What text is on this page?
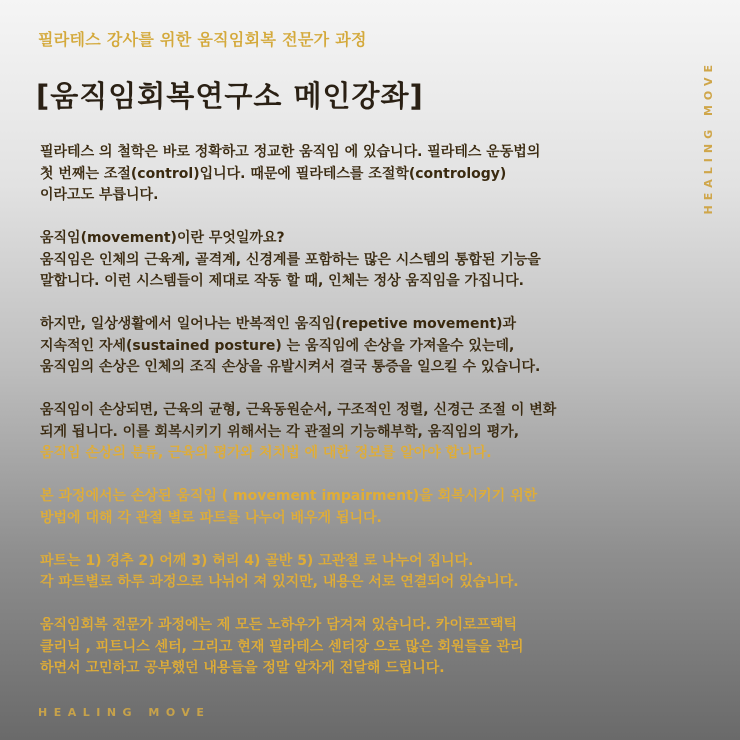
필라테스 강사를 위한 움직임회복 전문가 과정
[움직임회복연구소 메인강좌]	HEALING MOVE
필라테스 의 철학은 바로 정확하고 정교한 움직임 에 있습니다. 필라테스 운동법의
첫 번째는 조절(control)입니다. 때문에 필라테스를 조절학(contrology)
이라고도 부릅니다.
움직임(movement)이란 무엇일까요?
움직임은 인체의 근육계, 골격계, 신경계를 포함하는 많은 시스템의 통합된 기능을
말합니다. 이런 시스템들이 제대로 작동 할 때, 인체는 정상 움직임을 가집니다.
하지만, 일상생활에서 일어나는 반복적인 움직임(repetive movement)과
지속적인 자세(sustained posture) 는 움직임에 손상을 가져올수 있는데,
움직임의 손상은 인체의 조직 손상을 유발시켜서 결국 통증을 일으킬 수 있습니다.
움직임이 손상되면, 근육의 균형, 근육동원순서, 구조적인 정렬, 신경근 조절 이 변화
되게 됩니다. 이를 회복시키기 위해서는 각 관절의 기능해부학, 움직임의 평가,
움직임 손상의 분류, 근육의 평가와 처치법 에 대한 정보를 알아야 합니다.
본 과정에서는 손상된 움직임 ( movement impairment)을 회복시키기 위한
방법에 대해 각 관절 별로 파트를 나누어 배우게 됩니다.
파트는 1) 경추 2) 어깨 3) 허리 4) 골반 5) 고관절 로 나누어 집니다.
각 파트별로 하루 과정으로 나뉘어 져 있지만, 내용은 서로 연결되어 있습니다.
움직임회복 전문가 과정에는 제 모든 노하우가 담겨져 있습니다. 카이로프랙틱
클리닉 , 피트니스 센터, 그리고 현재 필라테스 센터장 으로 많은 회원들을 관리
하면서 고민하고 공부했던 내용들을 정말 알차게 전달해 드립니다.
HEALING MOVE
